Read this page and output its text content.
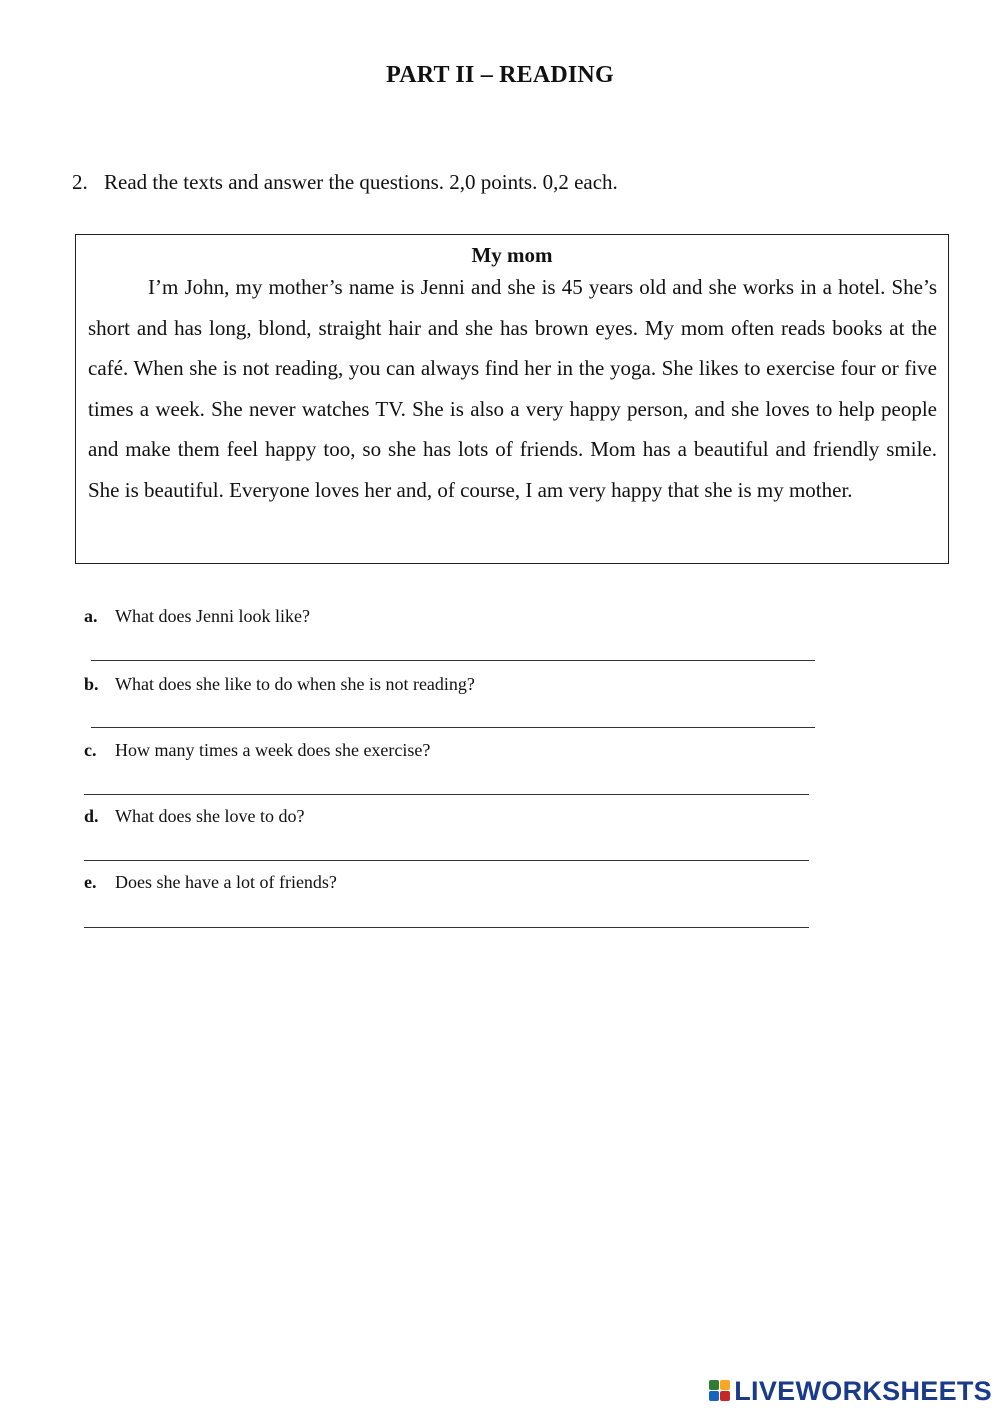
PART II – READING
2. Read the texts and answer the questions. 2,0 points. 0,2 each.
My mom

I’m John, my mother’s name is Jenni and she is 45 years old and she works in a hotel. She’s short and has long, blond, straight hair and she has brown eyes. My mom often reads books at the café. When she is not reading, you can always find her in the yoga. She likes to exercise four or five times a week. She never watches TV. She is also a very happy person, and she loves to help people and make them feel happy too, so she has lots of friends. Mom has a beautiful and friendly smile. She is beautiful. Everyone loves her and, of course, I am very happy that she is my mother.

a. What does Jenni look like?
b. What does she like to do when she is not reading?
c. How many times a week does she exercise?
d. What does she love to do?
e. Does she have a lot of friends?
LIVEWORKSHEETS
